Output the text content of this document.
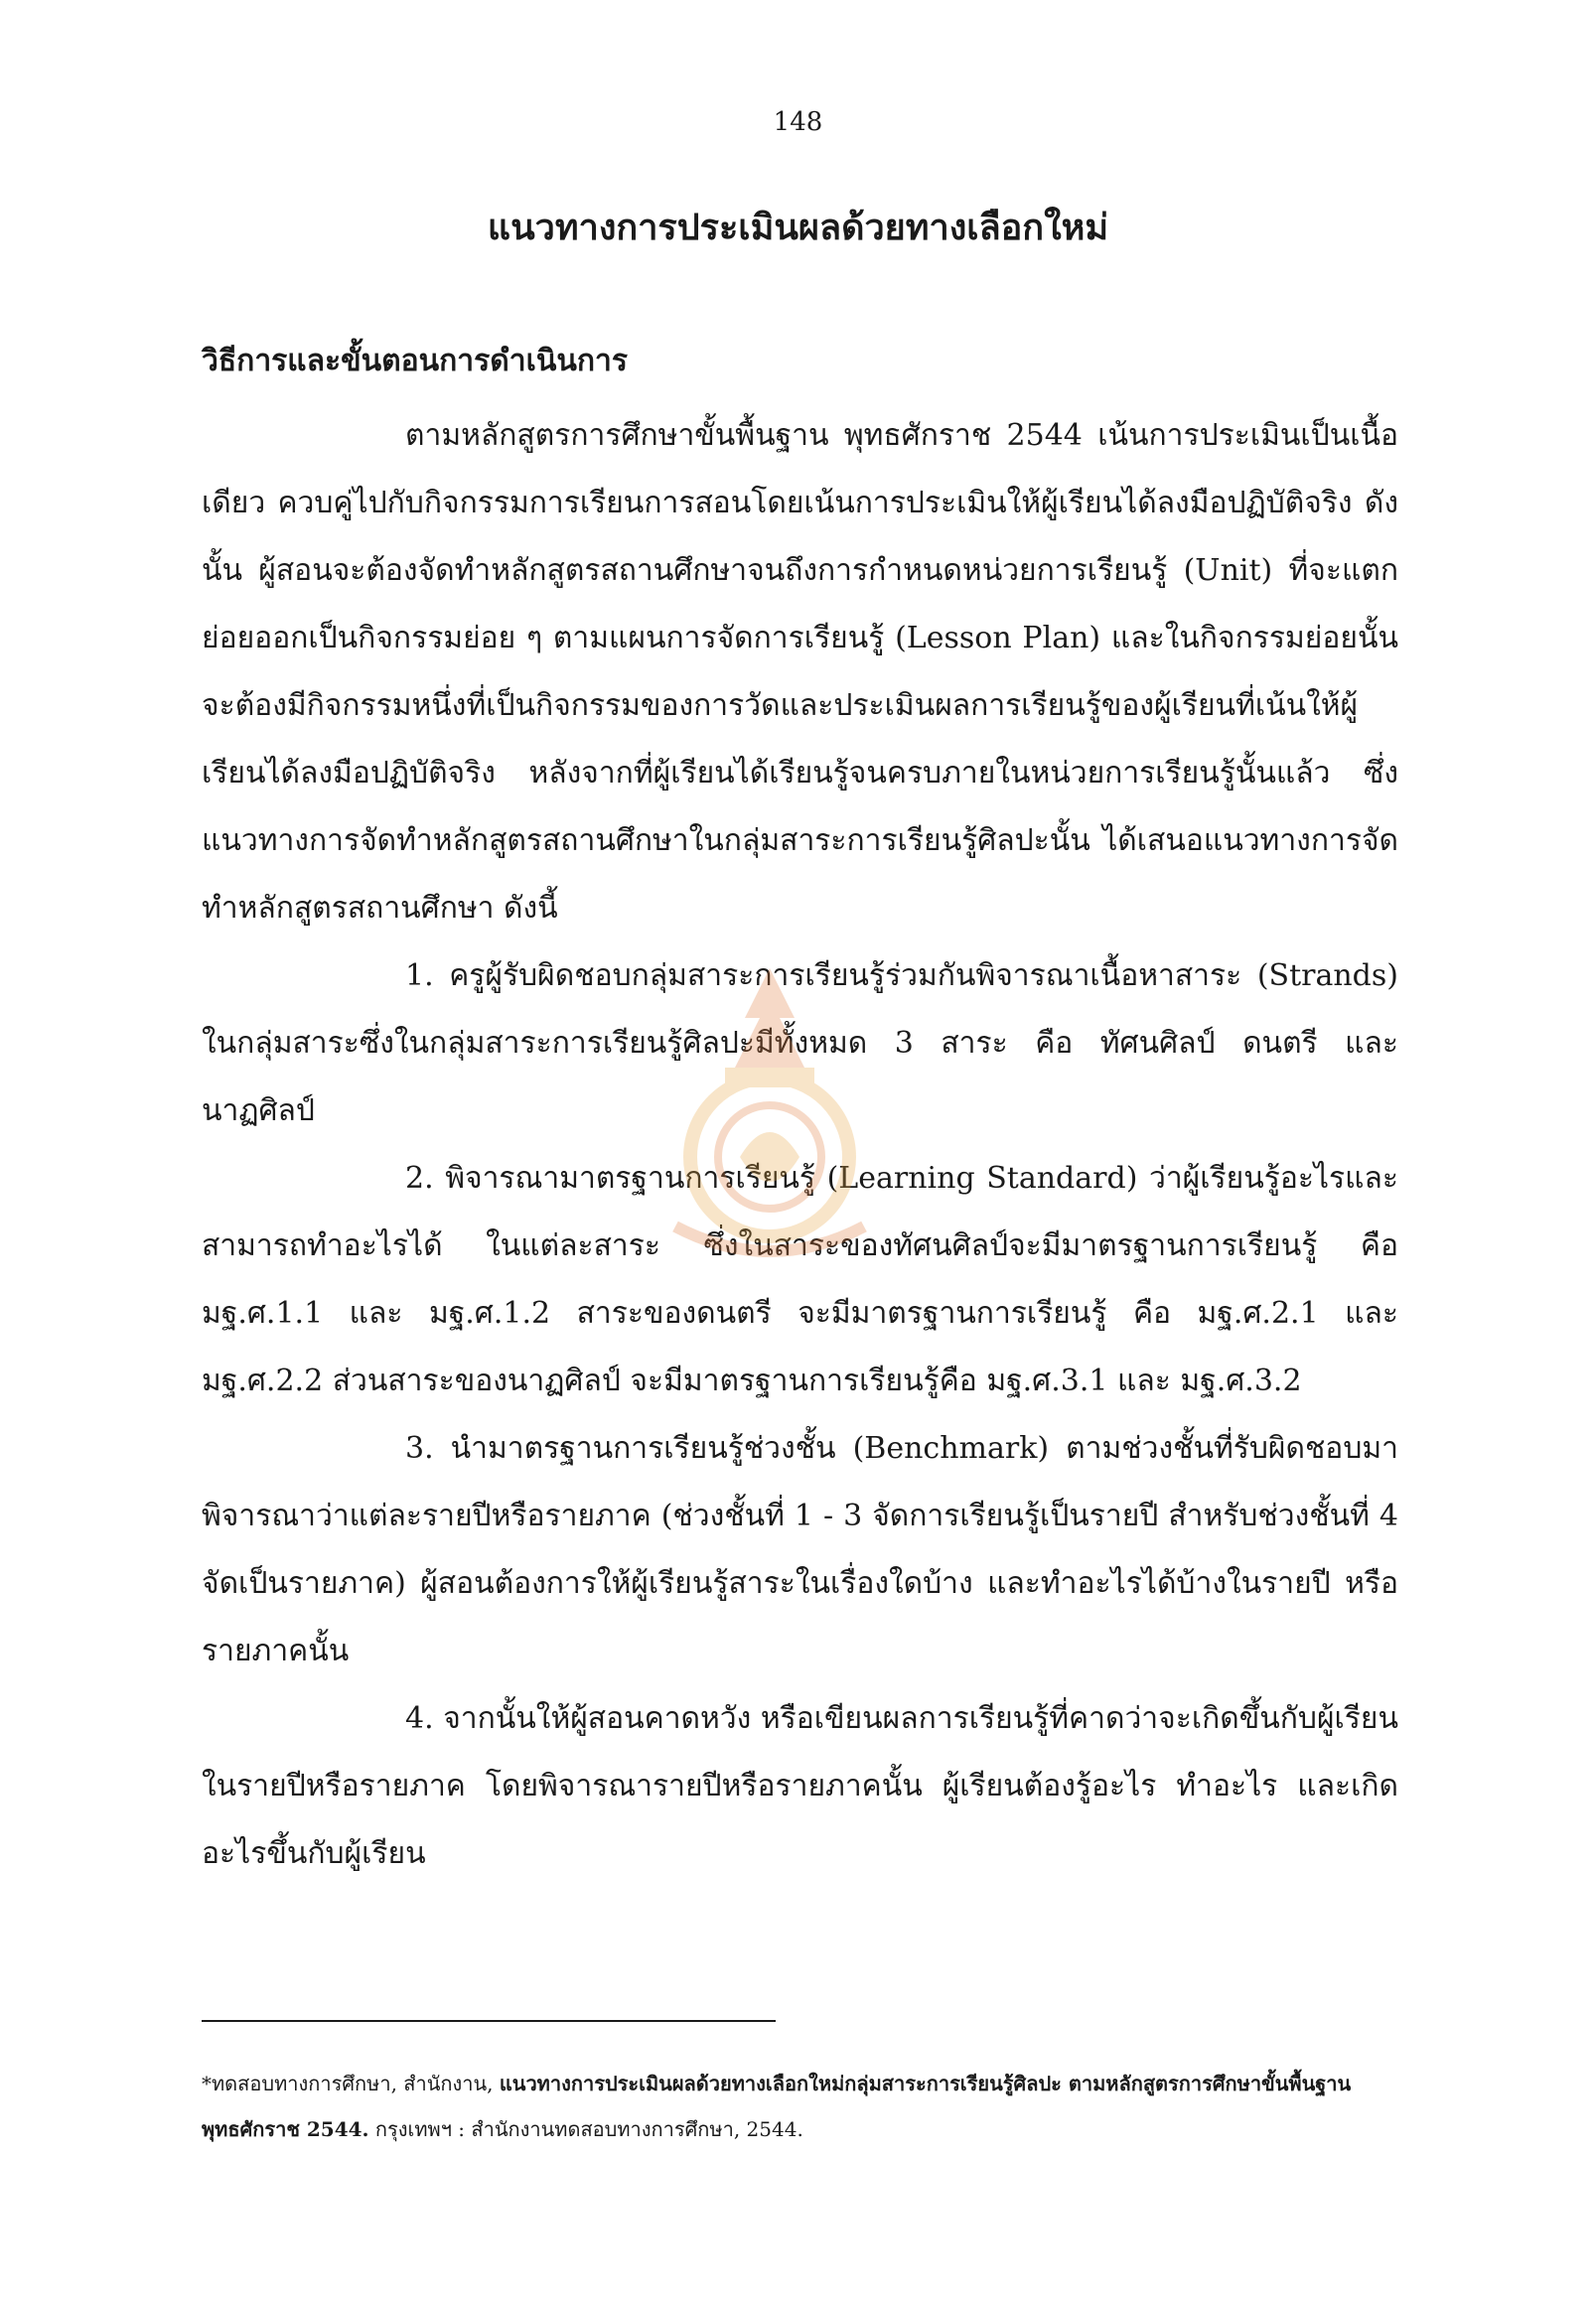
148
แนวทางการประเมินผลด้วยทางเลือกใหม่
วิธีการและขั้นตอนการดำเนินการ

ตามหลักสูตรการศึกษาขั้นพื้นฐาน พุทธศักราช 2544 เน้นการประเมินเป็นเนื้อเดียว ควบคู่ไปกับกิจกรรมการเรียนการสอนโดยเน้นการประเมินให้ผู้เรียนได้ลงมือปฏิบัติจริง ดังนั้น ผู้สอนจะต้องจัดทำหลักสูตรสถานศึกษาจนถึงการกำหนดหน่วยการเรียนรู้ (Unit) ที่จะแตกย่อยออกเป็นกิจกรรมย่อย ๆ ตามแผนการจัดการเรียนรู้ (Lesson Plan) และในกิจกรรมย่อยนั้นจะต้องมีกิจกรรมหนึ่งที่เป็นกิจกรรมของการวัดและประเมินผลการเรียนรู้ของผู้เรียนที่เน้นให้ผู้เรียนได้ลงมือปฏิบัติจริง หลังจากที่ผู้เรียนได้เรียนรู้จนครบภายในหน่วยการเรียนรู้นั้นแล้ว ซึ่งแนวทางการจัดทำหลักสูตรสถานศึกษาในกลุ่มสาระการเรียนรู้ศิลปะนั้น ได้เสนอแนวทางการจัดทำหลักสูตรสถานศึกษา ดังนี้

1. ครูผู้รับผิดชอบกลุ่มสาระการเรียนรู้ร่วมกันพิจารณาเนื้อหาสาระ (Strands) ในกลุ่มสาระซึ่งในกลุ่มสาระการเรียนรู้ศิลปะมีทั้งหมด 3 สาระ คือ ทัศนศิลป์ ดนตรี และนาฏศิลป์

2. พิจารณามาตรฐานการเรียนรู้ (Learning Standard) ว่าผู้เรียนรู้อะไรและสามารถทำอะไรได้ ในแต่ละสาระ ซึ่งในสาระของทัศนศิลป์จะมีมาตรฐานการเรียนรู้ คือ มฐ.ศ.1.1 และ มฐ.ศ.1.2 สาระของดนตรี จะมีมาตรฐานการเรียนรู้ คือ มฐ.ศ.2.1 และ มฐ.ศ.2.2 ส่วนสาระของนาฏศิลป์ จะมีมาตรฐานการเรียนรู้คือ มฐ.ศ.3.1 และ มฐ.ศ.3.2

3. นำมาตรฐานการเรียนรู้ช่วงชั้น (Benchmark) ตามช่วงชั้นที่รับผิดชอบมาพิจารณาว่าแต่ละรายปีหรือรายภาค (ช่วงชั้นที่ 1 - 3 จัดการเรียนรู้เป็นรายปี สำหรับช่วงชั้นที่ 4 จัดเป็นรายภาค) ผู้สอนต้องการให้ผู้เรียนรู้สาระในเรื่องใดบ้าง และทำอะไรได้บ้างในรายปี หรือรายภาคนั้น

4. จากนั้นให้ผู้สอนคาดหวัง หรือเขียนผลการเรียนรู้ที่คาดว่าจะเกิดขึ้นกับผู้เรียนในรายปีหรือรายภาค โดยพิจารณารายปีหรือรายภาคนั้น ผู้เรียนต้องรู้อะไร ทำอะไร และเกิดอะไรขึ้นกับผู้เรียน

*ทดสอบทางการศึกษา, สำนักงาน, แนวทางการประเมินผลด้วยทางเลือกใหม่กลุ่มสาระการเรียนรู้ศิลปะ ตามหลักสูตรการศึกษาขั้นพื้นฐาน พุทธศักราช 2544. กรุงเทพฯ : สำนักงานทดสอบทางการศึกษา, 2544.
